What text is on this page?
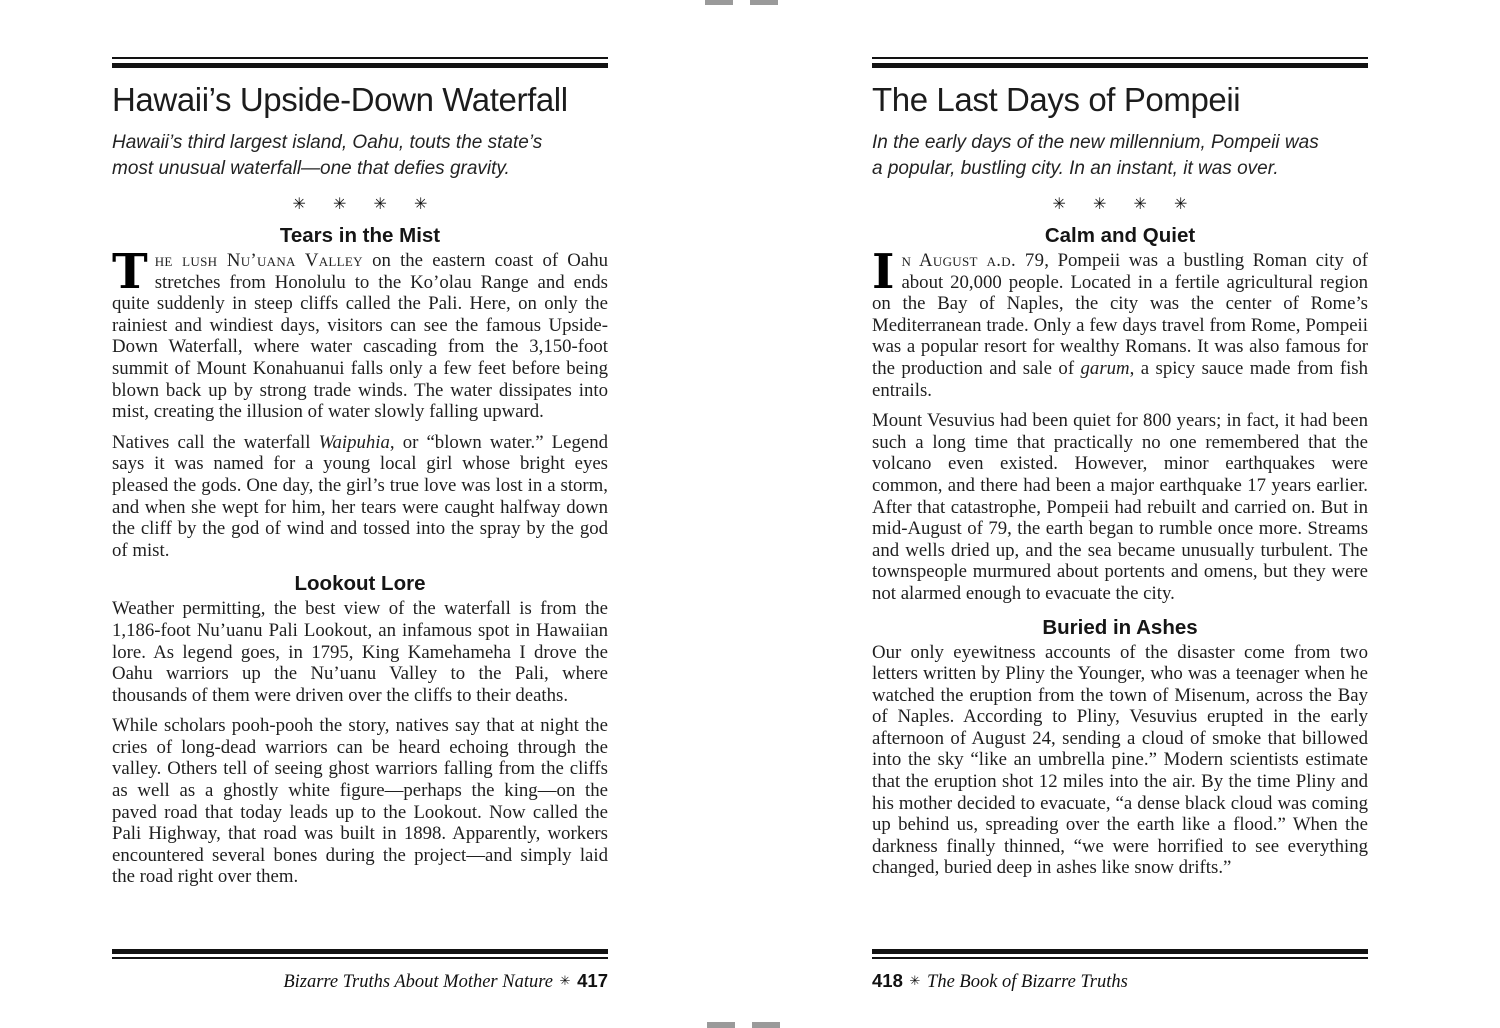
Hawaii’s Upside-Down Waterfall
Hawaii’s third largest island, Oahu, touts the state’s
most unusual waterfall—one that defies gravity.
✳ ✳ ✳ ✳
Tears in the Mist

The lush Nu’uana Valley on the eastern coast of Oahu stretches from Honolulu to the Ko’olau Range and ends quite suddenly in steep cliffs called the Pali. Here, on only the rainiest and windiest days, visitors can see the famous Upside-Down Waterfall, where water cascading from the 3,150-foot summit of Mount Konahuanui falls only a few feet before being blown back up by strong trade winds. The water dissipates into mist, creating the illusion of water slowly falling upward.

Natives call the waterfall Waipuhia, or “blown water.” Legend says it was named for a young local girl whose bright eyes pleased the gods. One day, the girl’s true love was lost in a storm, and when she wept for him, her tears were caught halfway down the cliff by the god of wind and tossed into the spray by the god of mist.

Lookout Lore

Weather permitting, the best view of the waterfall is from the 1,186-foot Nu’uanu Pali Lookout, an infamous spot in Hawaiian lore. As legend goes, in 1795, King Kamehameha I drove the Oahu warriors up the Nu’uanu Valley to the Pali, where thousands of them were driven over the cliffs to their deaths.

While scholars pooh-pooh the story, natives say that at night the cries of long-dead warriors can be heard echoing through the valley. Others tell of seeing ghost warriors falling from the cliffs as well as a ghostly white figure—perhaps the king—on the paved road that today leads up to the Lookout. Now called the Pali Highway, that road was built in 1898. Apparently, workers encountered several bones during the project—and simply laid the road right over them.

Bizarre Truths About Mother Nature ✳ 417
The Last Days of Pompeii
In the early days of the new millennium, Pompeii was
a popular, bustling city. In an instant, it was over.
✳ ✳ ✳ ✳
Calm and Quiet

In August a.d. 79, Pompeii was a bustling Roman city of about 20,000 people. Located in a fertile agricultural region on the Bay of Naples, the city was the center of Rome’s Mediterranean trade. Only a few days travel from Rome, Pompeii was a popular resort for wealthy Romans. It was also famous for the production and sale of garum, a spicy sauce made from fish entrails.

Mount Vesuvius had been quiet for 800 years; in fact, it had been such a long time that practically no one remembered that the volcano even existed. However, minor earthquakes were common, and there had been a major earthquake 17 years earlier. After that catastrophe, Pompeii had rebuilt and carried on. But in mid-August of 79, the earth began to rumble once more. Streams and wells dried up, and the sea became unusually turbulent. The townspeople murmured about portents and omens, but they were not alarmed enough to evacuate the city.

Buried in Ashes

Our only eyewitness accounts of the disaster come from two letters written by Pliny the Younger, who was a teenager when he watched the eruption from the town of Misenum, across the Bay of Naples. According to Pliny, Vesuvius erupted in the early afternoon of August 24, sending a cloud of smoke that billowed into the sky “like an umbrella pine.” Modern scientists estimate that the eruption shot 12 miles into the air. By the time Pliny and his mother decided to evacuate, “a dense black cloud was coming up behind us, spreading over the earth like a flood.” When the darkness finally thinned, “we were horrified to see everything changed, buried deep in ashes like snow drifts.”

418 ✳ The Book of Bizarre Truths
